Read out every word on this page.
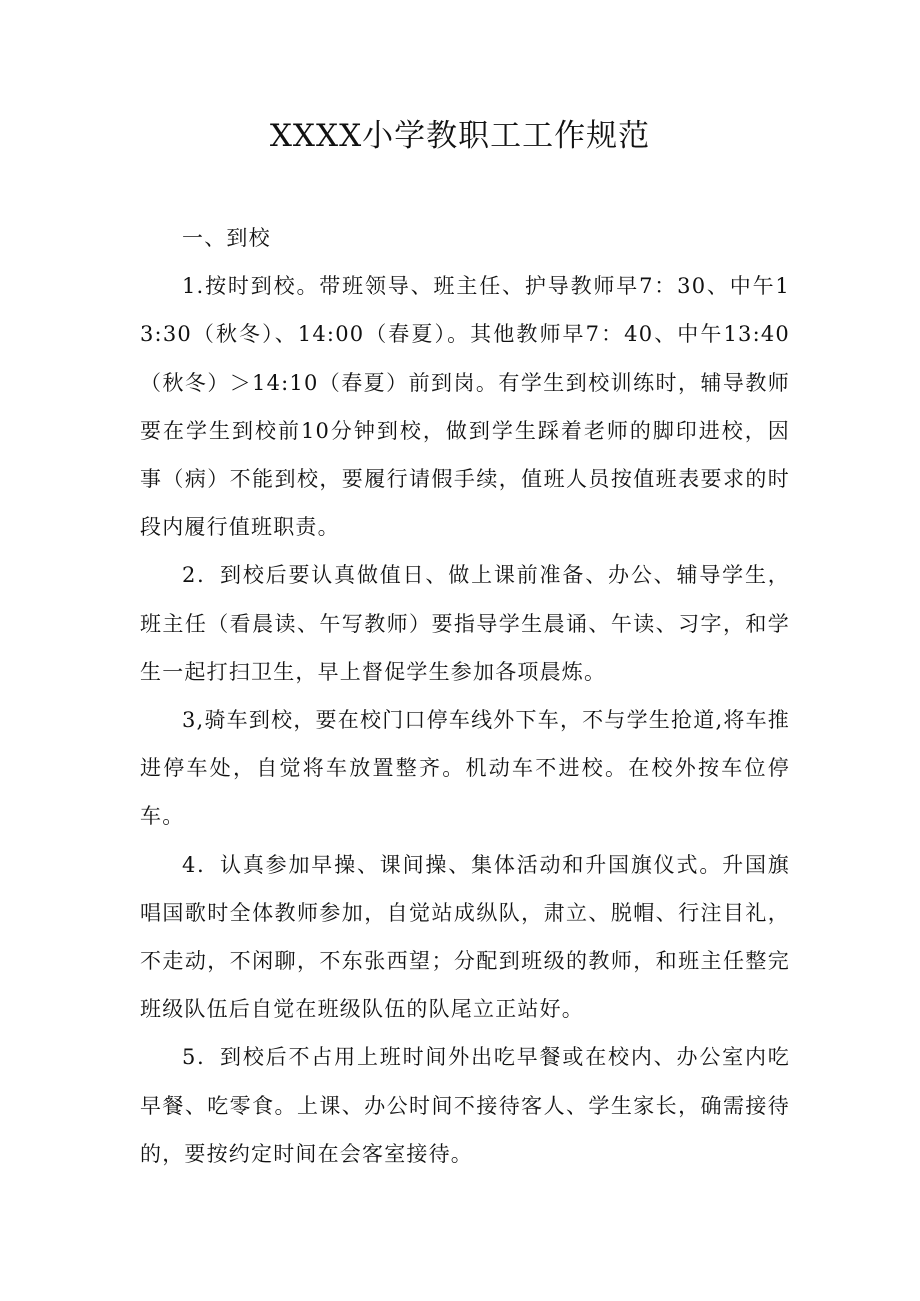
XXXX小学教职工工作规范

一、到校

1.按时到校。带班领导、班主任、护导教师早7：30、中午13:30（秋冬）、14:00（春夏）。其他教师早7：40、中午13:40（秋冬）＞14:10（春夏）前到岗。有学生到校训练时，辅导教师要在学生到校前10分钟到校，做到学生踩着老师的脚印进校，因事（病）不能到校，要履行请假手续，值班人员按值班表要求的时段内履行值班职责。

2．到校后要认真做值日、做上课前准备、办公、辅导学生，班主任（看晨读、午写教师）要指导学生晨诵、午读、习字，和学生一起打扫卫生，早上督促学生参加各项晨炼。

3,骑车到校，要在校门口停车线外下车，不与学生抢道,将车推进停车处，自觉将车放置整齐。机动车不进校。在校外按车位停车。

4．认真参加早操、课间操、集体活动和升国旗仪式。升国旗唱国歌时全体教师参加，自觉站成纵队，肃立、脱帽、行注目礼，不走动，不闲聊，不东张西望；分配到班级的教师，和班主任整完班级队伍后自觉在班级队伍的队尾立正站好。

5．到校后不占用上班时间外出吃早餐或在校内、办公室内吃早餐、吃零食。上课、办公时间不接待客人、学生家长，确需接待的，要按约定时间在会客室接待。
